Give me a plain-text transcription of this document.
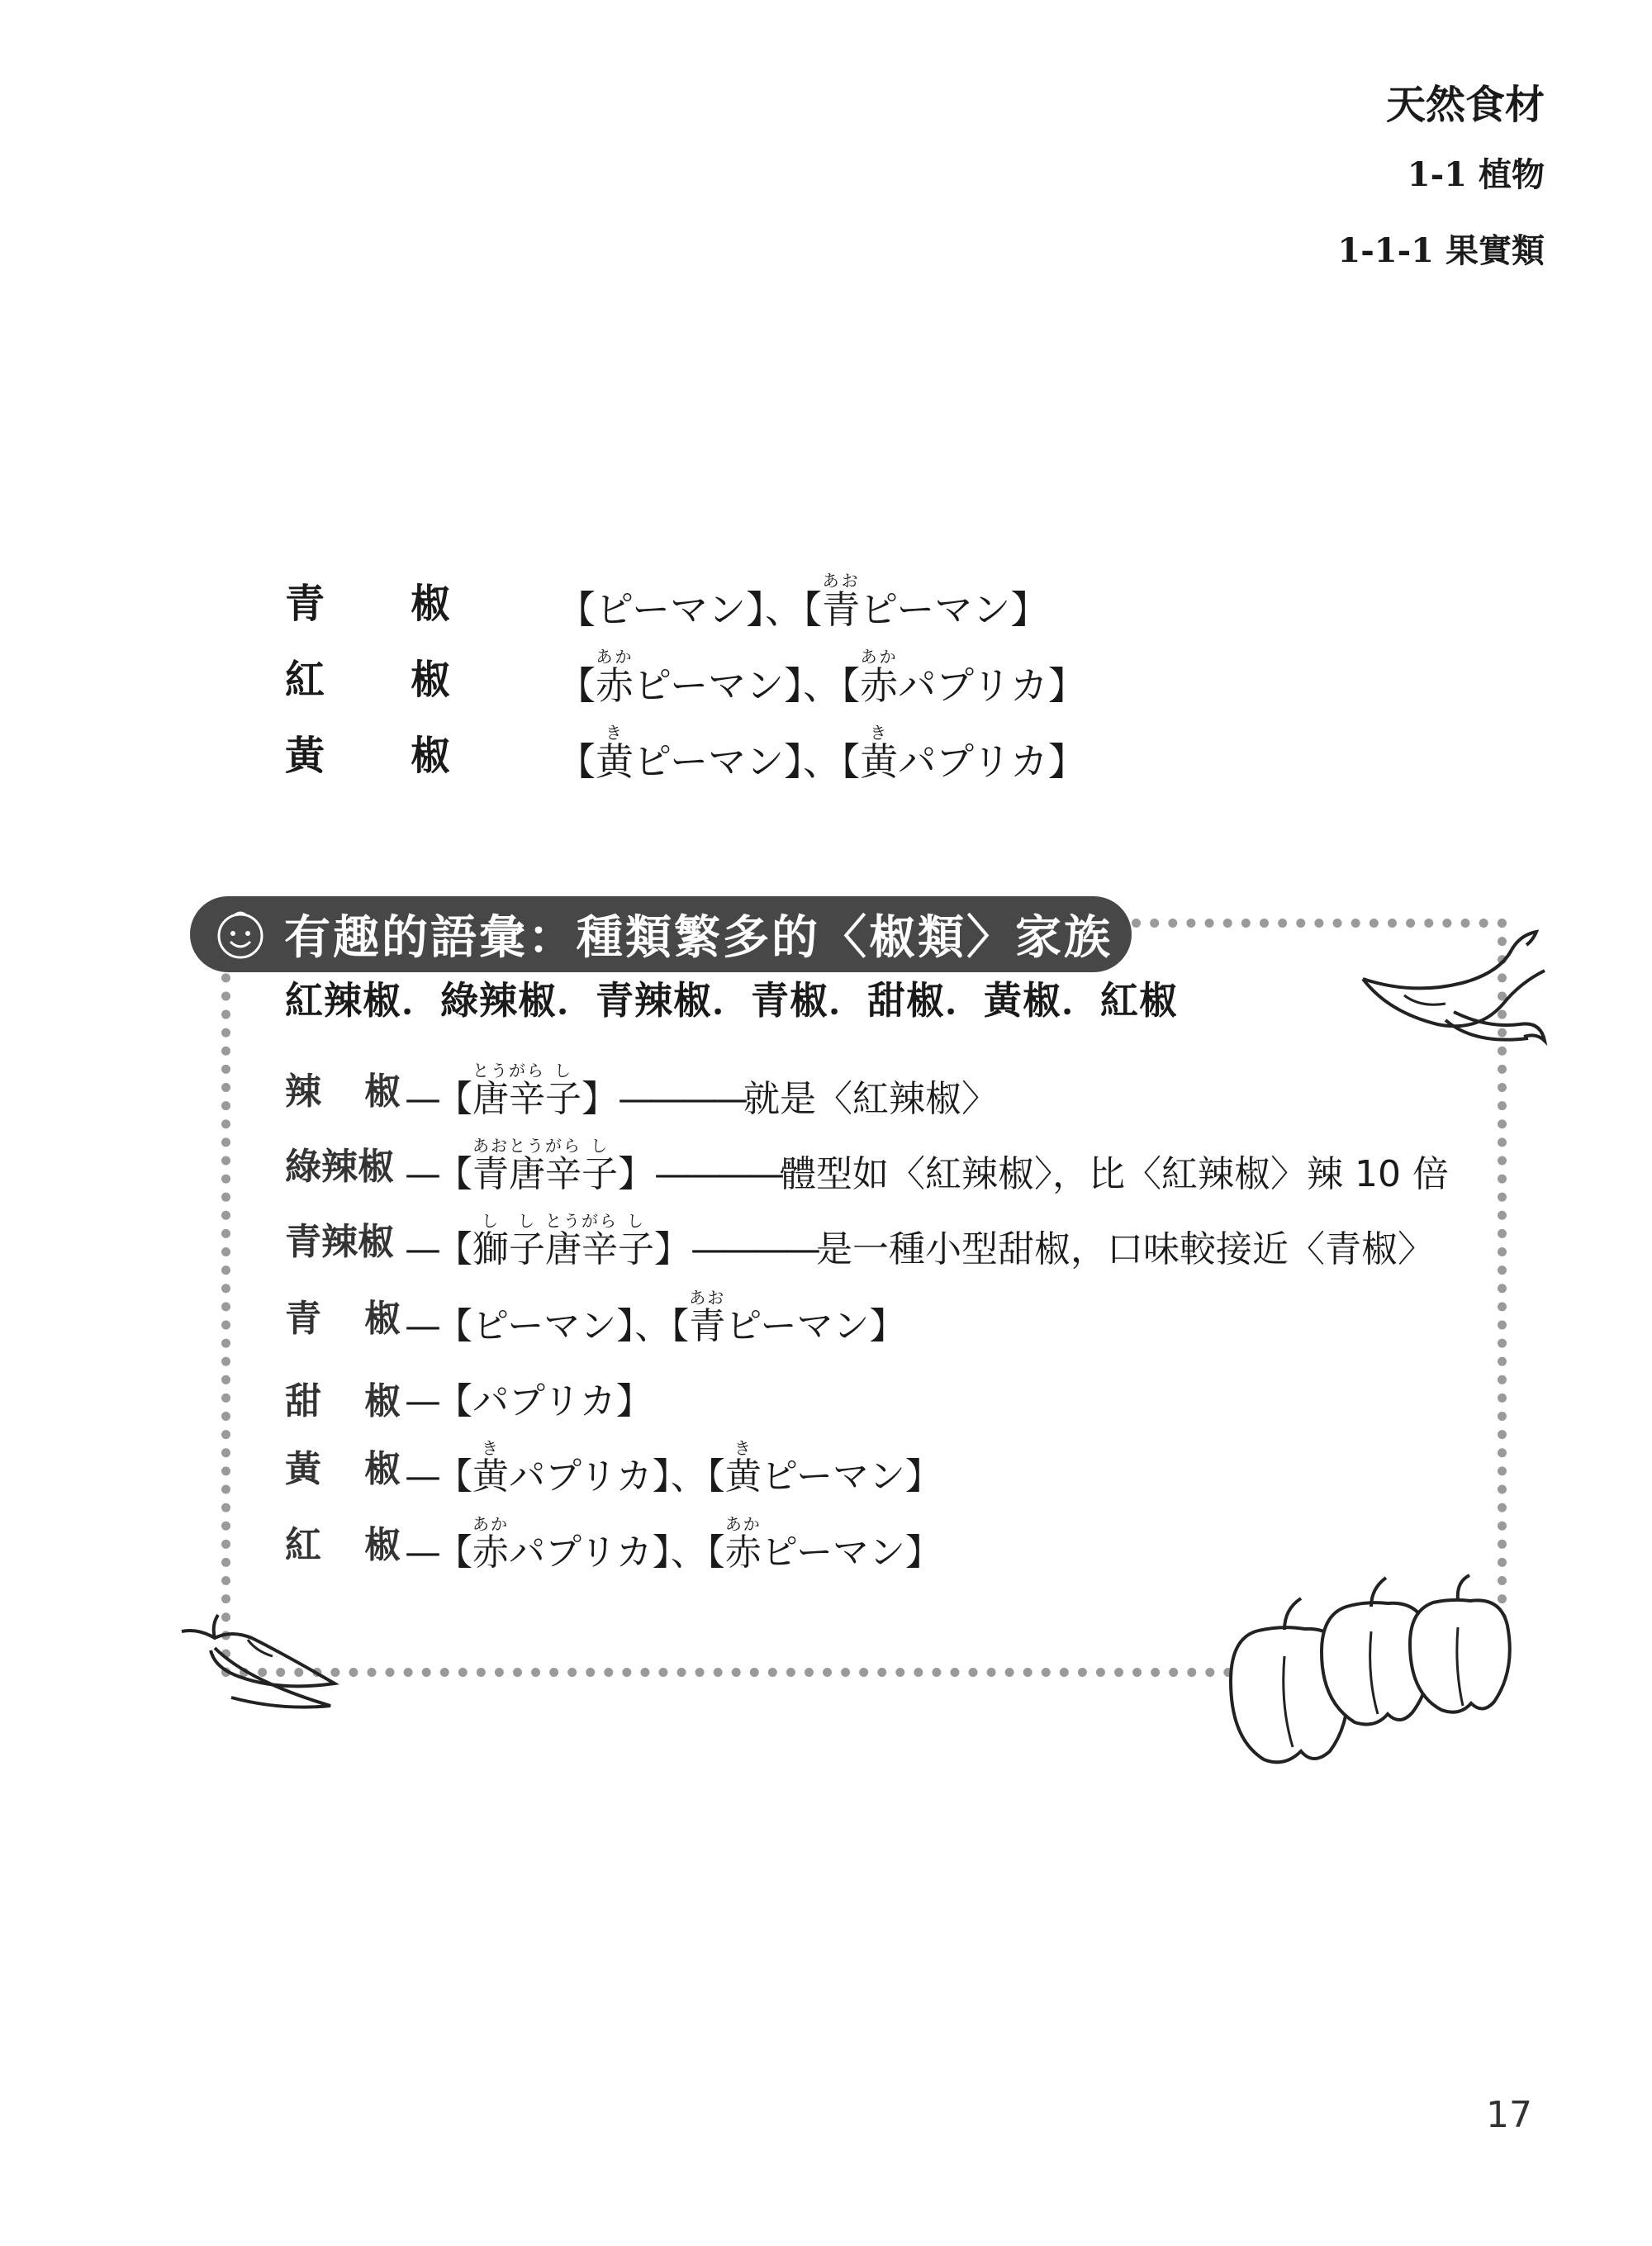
天然食材
1-1 植物
1-1-1 果實類
青 椒	【ピーマン】、【青あおピーマン】
紅 椒	【赤あかピーマン】、【赤あかパプリカ】
黃 椒	【黄きピーマン】、【黄きパプリカ】
有趣的語彙：種類繁多的〈椒類〉家族
紅辣椒．綠辣椒．青辣椒．青椒．甜椒．黃椒．紅椒
辣 椒 —【唐とう辛がら子し】————就是〈紅辣椒〉
綠辣椒 —【青あお唐とう辛がら子し】————體型如〈紅辣椒〉，比〈紅辣椒〉辣 10 倍
青辣椒 —【獅し子し唐とう辛がら子し】————是一種小型甜椒，口味較接近〈青椒〉
青 椒 —【ピーマン】、【青あおピーマン】
甜 椒 —【パプリカ】
黃 椒 —【黄きパプリカ】、【黄きピーマン】
紅 椒 —【赤あかパプリカ】、【赤あかピーマン】
17
